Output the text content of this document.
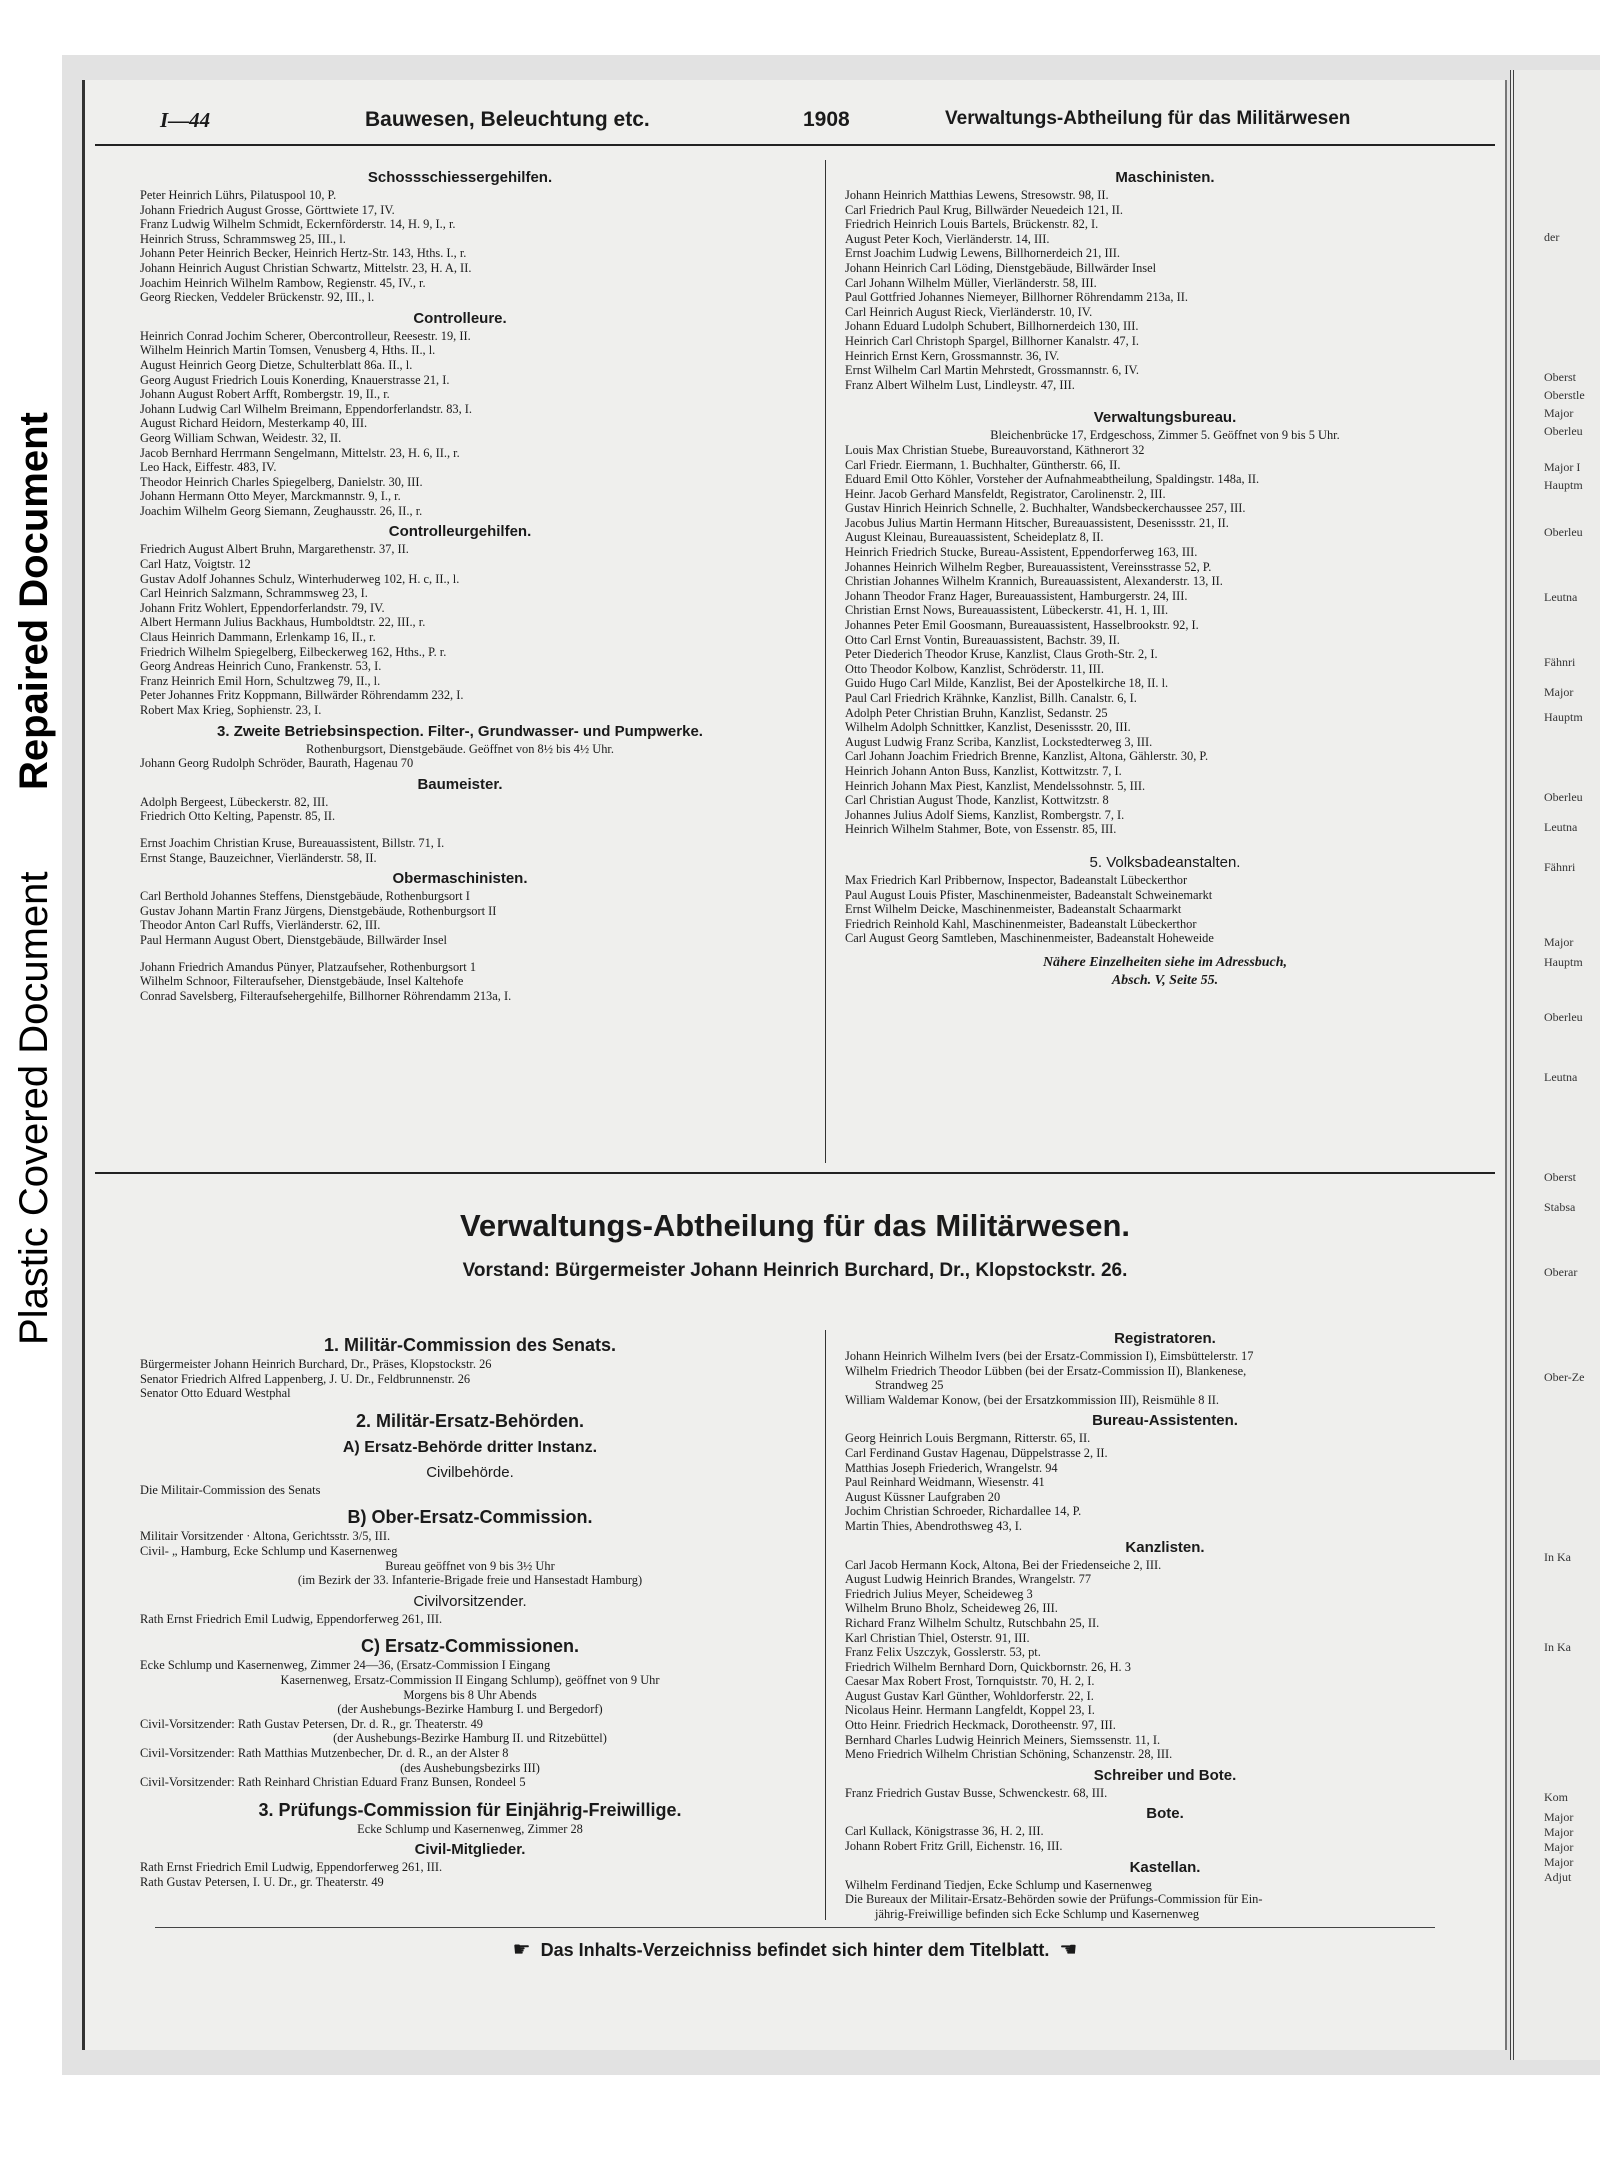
Repaired Document
Plastic Covered Document
I—44	Bauwesen, Beleuchtung etc.	1908	Verwaltungs-Abtheilung für das Militärwesen
Schossschiessergehilfen.
Peter Heinrich Lührs, Pilatuspool 10, P.
Johann Friedrich August Grosse, Görttwiete 17, IV.
Franz Ludwig Wilhelm Schmidt, Eckernförderstr. 14, H. 9, I., r.
Heinrich Struss, Schrammsweg 25, III., l.
Johann Peter Heinrich Becker, Heinrich Hertz-Str. 143, Hths. I., r.
Johann Heinrich August Christian Schwartz, Mittelstr. 23, H. A, II.
Joachim Heinrich Wilhelm Rambow, Regienstr. 45, IV., r.
Georg Riecken, Veddeler Brückenstr. 92, III., l.
Controlleure.
Heinrich Conrad Jochim Scherer, Obercontrolleur, Reesestr. 19, II.
Wilhelm Heinrich Martin Tomsen, Venusberg 4, Hths. II., l.
August Heinrich Georg Dietze, Schulterblatt 86a. II., l.
Georg August Friedrich Louis Konerding, Knauerstrasse 21, I.
Johann August Robert Arfft, Rombergstr. 19, II., r.
Johann Ludwig Carl Wilhelm Breimann, Eppendorferlandstr. 83, I.
August Richard Heidorn, Mesterkamp 40, III.
Georg William Schwan, Weidestr. 32, II.
Jacob Bernhard Herrmann Sengelmann, Mittelstr. 23, H. 6, II., r.
Leo Hack, Eiffestr. 483, IV.
Theodor Heinrich Charles Spiegelberg, Danielstr. 30, III.
Johann Hermann Otto Meyer, Marckmannstr. 9, I., r.
Joachim Wilhelm Georg Siemann, Zeughausstr. 26, II., r.
Controlleurgehilfen.
Friedrich August Albert Bruhn, Margarethenstr. 37, II.
Carl Hatz, Voigtstr. 12
Gustav Adolf Johannes Schulz, Winterhuderweg 102, H. c, II., l.
Carl Heinrich Salzmann, Schrammsweg 23, I.
Johann Fritz Wohlert, Eppendorferlandstr. 79, IV.
Albert Hermann Julius Backhaus, Humboldtstr. 22, III., r.
Claus Heinrich Dammann, Erlenkamp 16, II., r.
Friedrich Wilhelm Spiegelberg, Eilbeckerweg 162, Hths., P. r.
Georg Andreas Heinrich Cuno, Frankenstr. 53, I.
Franz Heinrich Emil Horn, Schultzweg 79, II., l.
Peter Johannes Fritz Koppmann, Billwärder Röhrendamm 232, I.
Robert Max Krieg, Sophienstr. 23, I.
3. Zweite Betriebsinspection. Filter-, Grundwasser- und Pumpwerke.
Rothenburgsort, Dienstgebäude. Geöffnet von 8½ bis 4½ Uhr.
Johann Georg Rudolph Schröder, Baurath, Hagenau 70
Baumeister.
Adolph Bergeest, Lübeckerstr. 82, III.
Friedrich Otto Kelting, Papenstr. 85, II.
Ernst Joachim Christian Kruse, Bureauassistent, Billstr. 71, I.
Ernst Stange, Bauzeichner, Vierländerstr. 58, II.
Obermaschinisten.
Carl Berthold Johannes Steffens, Dienstgebäude, Rothenburgsort I
Gustav Johann Martin Franz Jürgens, Dienstgebäude, Rothenburgsort II
Theodor Anton Carl Ruffs, Vierländerstr. 62, III.
Paul Hermann August Obert, Dienstgebäude, Billwärder Insel
Johann Friedrich Amandus Pünyer, Platzaufseher, Rothenburgsort 1
Wilhelm Schnoor, Filteraufseher, Dienstgebäude, Insel Kaltehofe
Conrad Savelsberg, Filteraufsehergehilfe, Billhorner Röhrendamm 213a, I.
Maschinisten.
Johann Heinrich Matthias Lewens, Stresowstr. 98, II.
Carl Friedrich Paul Krug, Billwärder Neuedeich 121, II.
Friedrich Heinrich Louis Bartels, Brückenstr. 82, I.
August Peter Koch, Vierländerstr. 14, III.
Ernst Joachim Ludwig Lewens, Billhornerdeich 21, III.
Johann Heinrich Carl Löding, Dienstgebäude, Billwärder Insel
Carl Johann Wilhelm Müller, Vierländerstr. 58, III.
Paul Gottfried Johannes Niemeyer, Billhorner Röhrendamm 213a, II.
Carl Heinrich August Rieck, Vierländerstr. 10, IV.
Johann Eduard Ludolph Schubert, Billhornerdeich 130, III.
Heinrich Carl Christoph Spargel, Billhorner Kanalstr. 47, I.
Heinrich Ernst Kern, Grossmannstr. 36, IV.
Ernst Wilhelm Carl Martin Mehrstedt, Grossmannstr. 6, IV.
Franz Albert Wilhelm Lust, Lindleystr. 47, III.
Verwaltungsbureau.
Bleichenbrücke 17, Erdgeschoss, Zimmer 5. Geöffnet von 9 bis 5 Uhr.
Louis Max Christian Stuebe, Bureauvorstand, Käthnerort 32
Carl Friedr. Eiermann, 1. Buchhalter, Güntherstr. 66, II.
Eduard Emil Otto Köhler, Vorsteher der Aufnahmeabtheilung, Spaldingstr. 148a, II.
Heinr. Jacob Gerhard Mansfeldt, Registrator, Carolinenstr. 2, III.
Gustav Hinrich Heinrich Schnelle, 2. Buchhalter, Wandsbeckerchaussee 257, III.
Jacobus Julius Martin Hermann Hitscher, Bureauassistent, Desenissstr. 21, II.
August Kleinau, Bureauassistent, Scheideplatz 8, II.
Heinrich Friedrich Stucke, Bureau-Assistent, Eppendorferweg 163, III.
Johannes Heinrich Wilhelm Regber, Bureauassistent, Vereinsstrasse 52, P.
Christian Johannes Wilhelm Krannich, Bureauassistent, Alexanderstr. 13, II.
Johann Theodor Franz Hager, Bureauassistent, Hamburgerstr. 24, III.
Christian Ernst Nows, Bureauassistent, Lübeckerstr. 41, H. 1, III.
Johannes Peter Emil Goosmann, Bureauassistent, Hasselbrookstr. 92, I.
Otto Carl Ernst Vontin, Bureauassistent, Bachstr. 39, II.
Peter Diederich Theodor Kruse, Kanzlist, Claus Groth-Str. 2, I.
Otto Theodor Kolbow, Kanzlist, Schröderstr. 11, III.
Guido Hugo Carl Milde, Kanzlist, Bei der Apostelkirche 18, II. l.
Paul Carl Friedrich Krähnke, Kanzlist, Billh. Canalstr. 6, I.
Adolph Peter Christian Bruhn, Kanzlist, Sedanstr. 25
Wilhelm Adolph Schnittker, Kanzlist, Desenissstr. 20, III.
August Ludwig Franz Scriba, Kanzlist, Lockstedterweg 3, III.
Carl Johann Joachim Friedrich Brenne, Kanzlist, Altona, Gählerstr. 30, P.
Heinrich Johann Anton Buss, Kanzlist, Kottwitzstr. 7, I.
Heinrich Johann Max Piest, Kanzlist, Mendelssohnstr. 5, III.
Carl Christian August Thode, Kanzlist, Kottwitzstr. 8
Johannes Julius Adolf Siems, Kanzlist, Rombergstr. 7, I.
Heinrich Wilhelm Stahmer, Bote, von Essenstr. 85, III.
5. Volksbadeanstalten.
Max Friedrich Karl Pribbernow, Inspector, Badeanstalt Lübeckerthor
Paul August Louis Pfister, Maschinenmeister, Badeanstalt Schweinemarkt
Ernst Wilhelm Deicke, Maschinenmeister, Badeanstalt Schaarmarkt
Friedrich Reinhold Kahl, Maschinenmeister, Badeanstalt Lübeckerthor
Carl August Georg Samtleben, Maschinenmeister, Badeanstalt Hoheweide
Nähere Einzelheiten siehe im Adressbuch,
Absch. V, Seite 55.
Verwaltungs-Abtheilung für das Militärwesen.
Vorstand: Bürgermeister Johann Heinrich Burchard, Dr., Klopstockstr. 26.
1. Militär-Commission des Senats.
Bürgermeister Johann Heinrich Burchard, Dr., Präses, Klopstockstr. 26
Senator Friedrich Alfred Lappenberg, J. U. Dr., Feldbrunnenstr. 26
Senator Otto Eduard Westphal
2. Militär-Ersatz-Behörden.
A) Ersatz-Behörde dritter Instanz.
Civilbehörde.
Die Militair-Commission des Senats
B) Ober-Ersatz-Commission.
Militair Vorsitzender · Altona, Gerichtsstr. 3/5, III.
Civil- „ Hamburg, Ecke Schlump und Kasernenweg
Bureau geöffnet von 9 bis 3½ Uhr
(im Bezirk der 33. Infanterie-Brigade freie und Hansestadt Hamburg)
Civilvorsitzender.
Rath Ernst Friedrich Emil Ludwig, Eppendorferweg 261, III.
C) Ersatz-Commissionen.
Ecke Schlump und Kasernenweg, Zimmer 24—36, (Ersatz-Commission I Eingang
Kasernenweg, Ersatz-Commission II Eingang Schlump), geöffnet von 9 Uhr
Morgens bis 8 Uhr Abends
(der Aushebungs-Bezirke Hamburg I. und Bergedorf)
Civil-Vorsitzender: Rath Gustav Petersen, Dr. d. R., gr. Theaterstr. 49
(der Aushebungs-Bezirke Hamburg II. und Ritzebüttel)
Civil-Vorsitzender: Rath Matthias Mutzenbecher, Dr. d. R., an der Alster 8
(des Aushebungsbezirks III)
Civil-Vorsitzender: Rath Reinhard Christian Eduard Franz Bunsen, Rondeel 5
3. Prüfungs-Commission für Einjährig-Freiwillige.
Ecke Schlump und Kasernenweg, Zimmer 28
Civil-Mitglieder.
Rath Ernst Friedrich Emil Ludwig, Eppendorferweg 261, III.
Rath Gustav Petersen, I. U. Dr., gr. Theaterstr. 49
Registratoren.
Johann Heinrich Wilhelm Ivers (bei der Ersatz-Commission I), Eimsbüttelerstr. 17
Wilhelm Friedrich Theodor Lübben (bei der Ersatz-Commission II), Blankenese,
Strandweg 25
William Waldemar Konow, (bei der Ersatzkommission III), Reismühle 8 II.
Bureau-Assistenten.
Georg Heinrich Louis Bergmann, Ritterstr. 65, II.
Carl Ferdinand Gustav Hagenau, Düppelstrasse 2, II.
Matthias Joseph Friederich, Wrangelstr. 94
Paul Reinhard Weidmann, Wiesenstr. 41
August Küssner Laufgraben 20
Jochim Christian Schroeder, Richardallee 14, P.
Martin Thies, Abendrothsweg 43, I.
Kanzlisten.
Carl Jacob Hermann Kock, Altona, Bei der Friedenseiche 2, III.
August Ludwig Heinrich Brandes, Wrangelstr. 77
Friedrich Julius Meyer, Scheideweg 3
Wilhelm Bruno Bholz, Scheideweg 26, III.
Richard Franz Wilhelm Schultz, Rutschbahn 25, II.
Karl Christian Thiel, Osterstr. 91, III.
Franz Felix Uszczyk, Gosslerstr. 53, pt.
Friedrich Wilhelm Bernhard Dorn, Quickbornstr. 26, H. 3
Caesar Max Robert Frost, Tornquiststr. 70, H. 2, I.
August Gustav Karl Günther, Wohldorferstr. 22, I.
Nicolaus Heinr. Hermann Langfeldt, Koppel 23, I.
Otto Heinr. Friedrich Heckmack, Dorotheenstr. 97, III.
Bernhard Charles Ludwig Heinrich Meiners, Siemssenstr. 11, I.
Meno Friedrich Wilhelm Christian Schöning, Schanzenstr. 28, III.
Schreiber und Bote.
Franz Friedrich Gustav Busse, Schwenckestr. 68, III.
Bote.
Carl Kullack, Königstrasse 36, H. 2, III.
Johann Robert Fritz Grill, Eichenstr. 16, III.
Kastellan.
Wilhelm Ferdinand Tiedjen, Ecke Schlump und Kasernenweg
Die Bureaux der Militair-Ersatz-Behörden sowie der Prüfungs-Commission für Ein-
jährig-Freiwillige befinden sich Ecke Schlump und Kasernenweg
☛ Das Inhalts-Verzeichniss befindet sich hinter dem Titelblatt. ☚
der
Oberst
Oberstle
Major
Oberleu
Major I
Hauptm
Oberleu
Leutna
Fähnri
Major
Hauptm
Oberleu
Leutna
Fähnri
Major
Hauptm
Oberleu
Leutna
Oberst
Stabsa
Oberar
Ober-Ze
In Ka
In Ka
Kom
Major
Major
Major
Major
Adjut
